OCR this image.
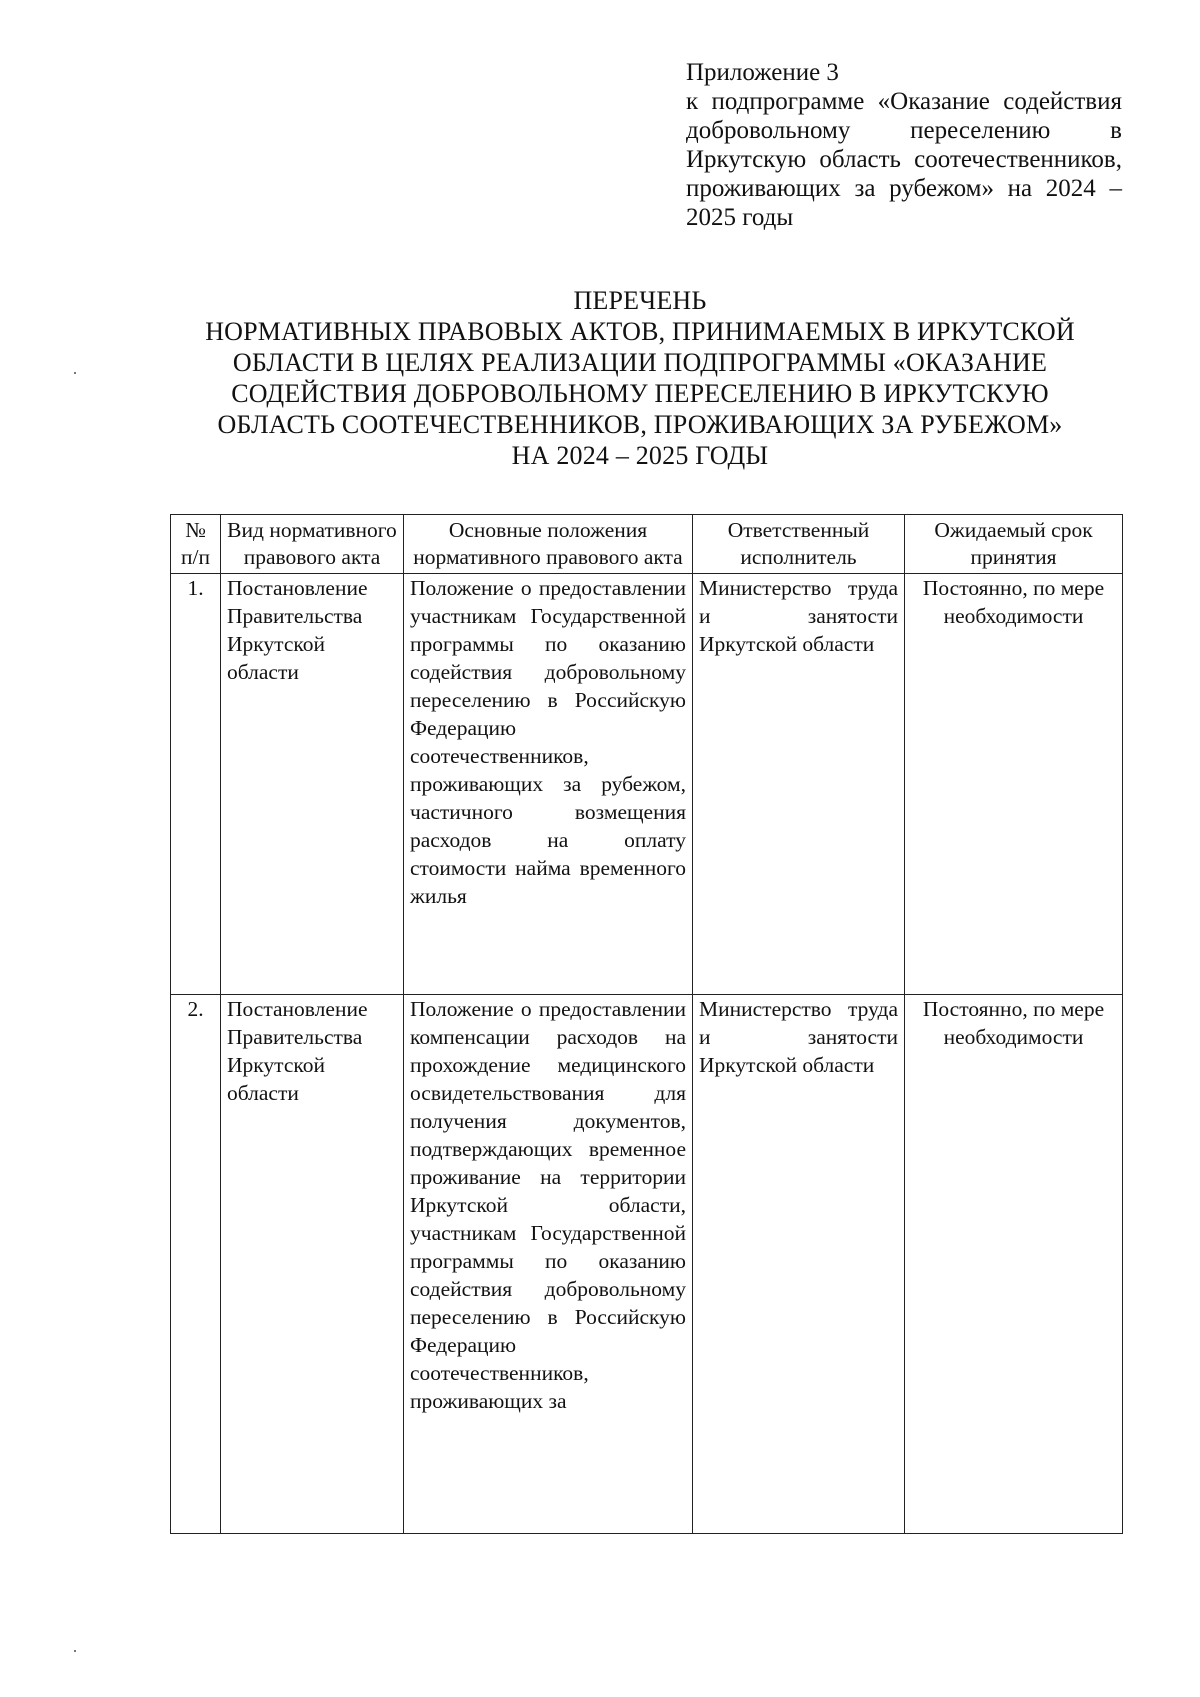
Приложение 3
к подпрограмме «Оказание содействия добровольному переселению в Иркутскую область соотечественников, проживающих за рубежом» на 2024 – 2025 годы
ПЕРЕЧЕНЬ
НОРМАТИВНЫХ ПРАВОВЫХ АКТОВ, ПРИНИМАЕМЫХ В ИРКУТСКОЙ
ОБЛАСТИ В ЦЕЛЯХ РЕАЛИЗАЦИИ ПОДПРОГРАММЫ «ОКАЗАНИЕ
СОДЕЙСТВИЯ ДОБРОВОЛЬНОМУ ПЕРЕСЕЛЕНИЮ В ИРКУТСКУЮ
ОБЛАСТЬ СООТЕЧЕСТВЕННИКОВ, ПРОЖИВАЮЩИХ ЗА РУБЕЖОМ»
НА 2024 – 2025 ГОДЫ
№ п/п	Вид нормативного правового акта	Основные положения нормативного правового акта	Ответственный исполнитель	Ожидаемый срок принятия
1.	Постановление Правительства Иркутской области	Положение о предоставлении участникам Государственной программы по оказанию содействия добровольному переселению в Российскую Федерацию соотечественников, проживающих за рубежом, частичного возмещения расходов на оплату стоимости найма временного жилья	Министерство труда и занятости Иркутской области	Постоянно, по мере необходимости
2.	Постановление Правительства Иркутской области	Положение о предоставлении компенсации расходов на прохождение медицинского освидетельствования для получения документов, подтверждающих временное проживание на территории Иркутской области, участникам Государственной программы по оказанию содействия добровольному переселению в Российскую Федерацию соотечественников, проживающих за	Министерство труда и занятости Иркутской области	Постоянно, по мере необходимости
